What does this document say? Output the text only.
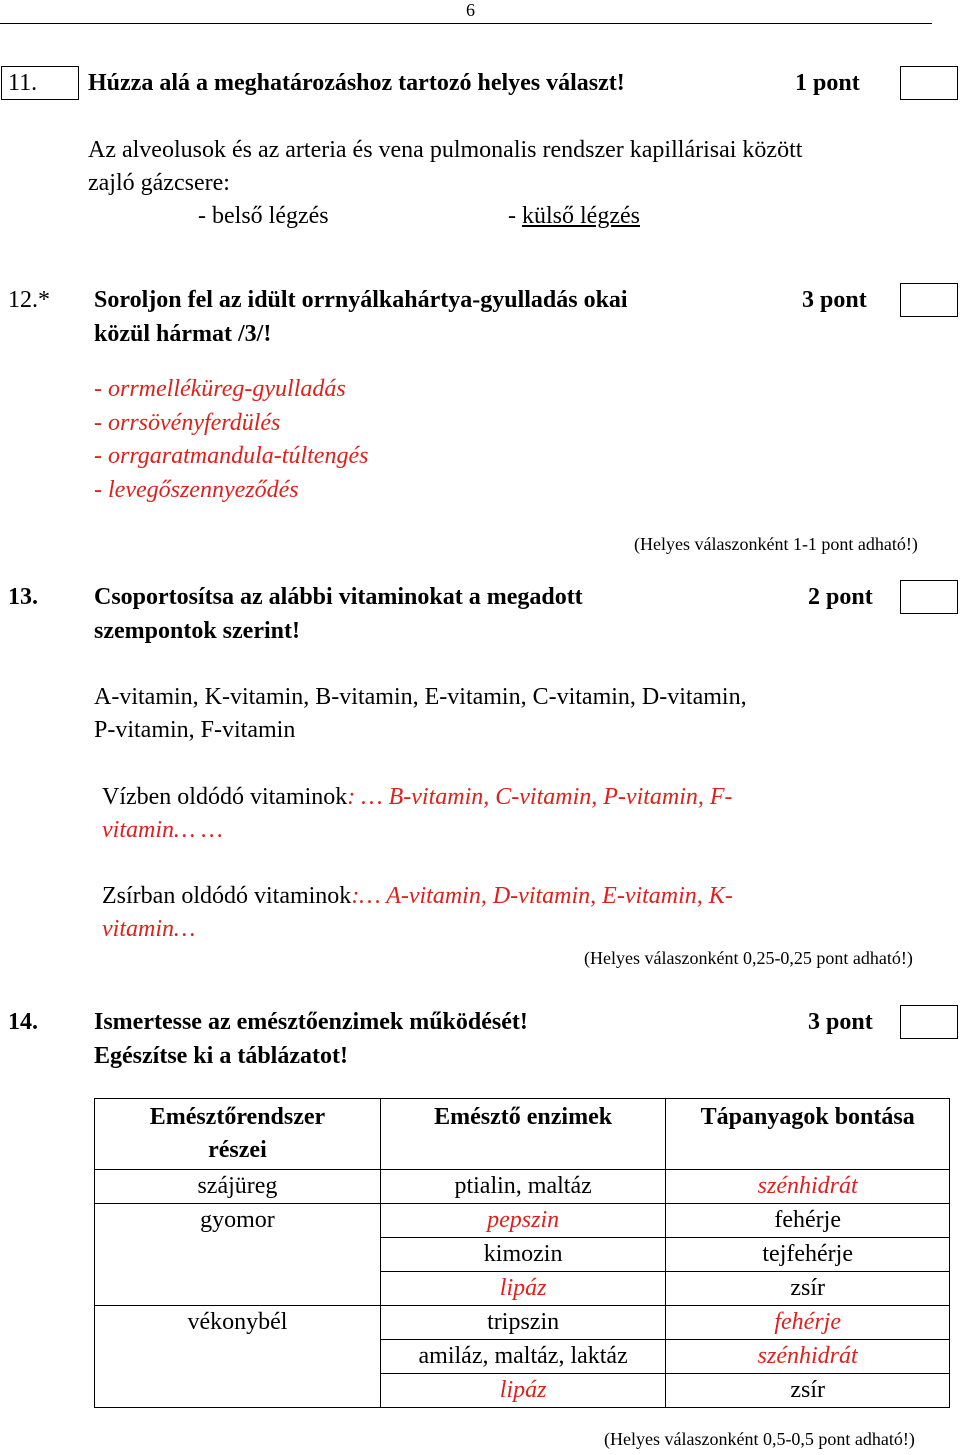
6
11. Húzza alá a meghatározáshoz tartozó helyes választ!	1 pont
Az alveolusok és az arteria és vena pulmonalis rendszer kapillárisai között
zajló gázcsere:
- belső légzés	- külső légzés
12.* Soroljon fel az idült orrnyálkahártya-gyulladás okai
közül hármat /3/!
3 pont
- orrmelléküreg-gyulladás
- orrsövényferdülés
- orrgaratmandula-túltengés
- levegőszennyeződés
(Helyes válaszonként 1-1 pont adható!)
13. Csoportosítsa az alábbi vitaminokat a megadott
szempontok szerint!
2 pont
A-vitamin, K-vitamin, B-vitamin, E-vitamin, C-vitamin, D-vitamin,
P-vitamin, F-vitamin
Vízben oldódó vitaminok: … B-vitamin, C-vitamin, P-vitamin, F-
vitamin… …
Zsírban oldódó vitaminok:… A-vitamin, D-vitamin, E-vitamin, K-
vitamin…
(Helyes válaszonként 0,25-0,25 pont adható!)
14. Ismertesse az emésztőenzimek működését!
Egészítse ki a táblázatot!
3 pont
Emésztőrendszer részei	Emésztő enzimek	Tápanyagok bontása
szájüreg	ptialin, maltáz	szénhidrát
gyomor	pepszin	fehérje
	kimozin	tejfehérje
	lipáz	zsír
vékonybél	tripszin	fehérje
	amiláz, maltáz, laktáz	szénhidrát
	lipáz	zsír
(Helyes válaszonként 0,5-0,5 pont adható!)
